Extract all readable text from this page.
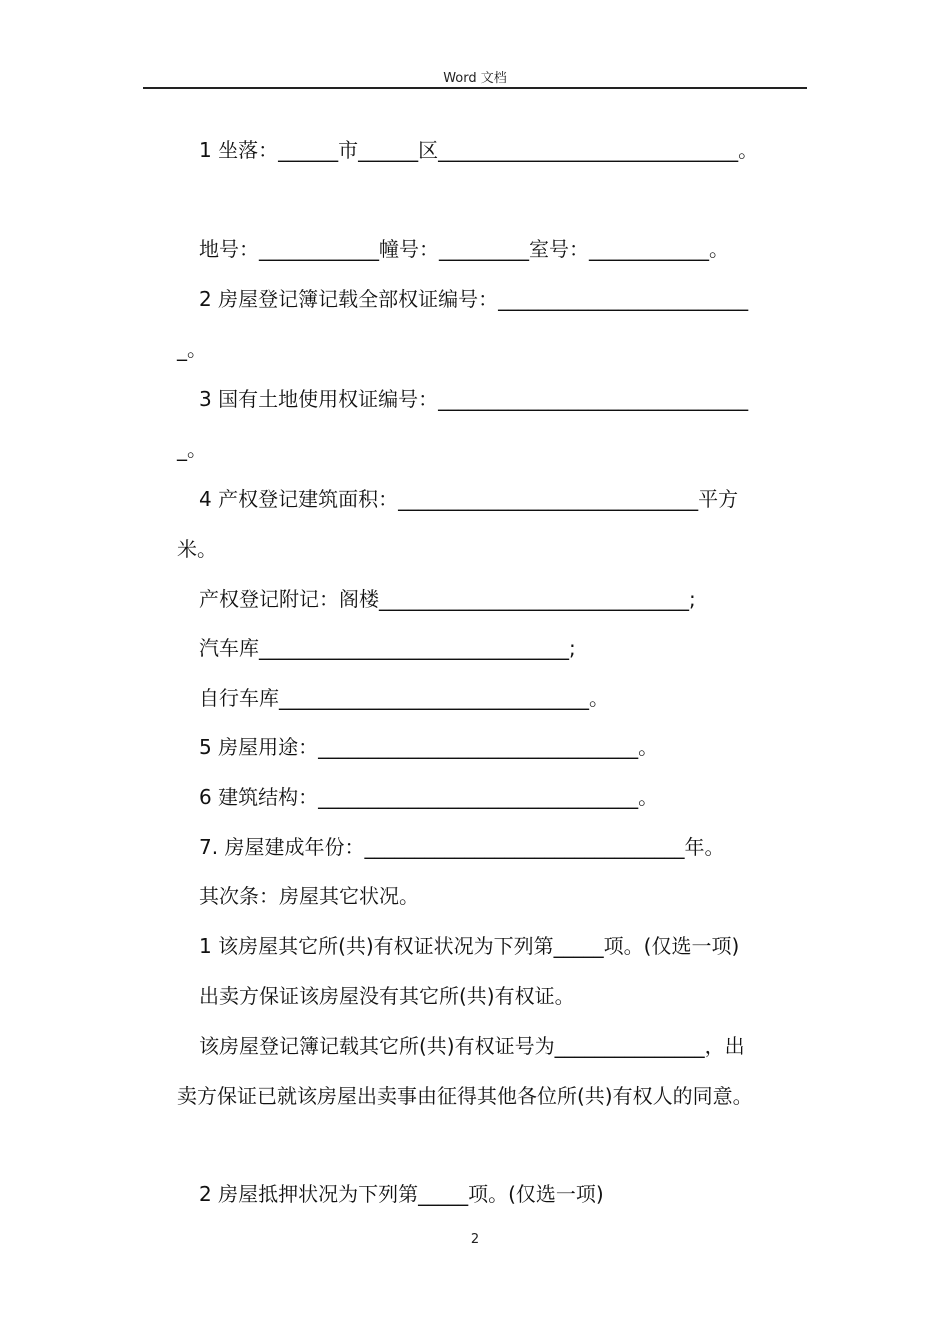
Word 文档
1 坐落：______市______区______________________________。
地号：____________幢号：_________室号：____________。
2 房屋登记簿记载全部权证编号：_________________________
_。
3 国有土地使用权证编号：_______________________________
_。
4 产权登记建筑面积：______________________________平方
米。
产权登记附记：阁楼_______________________________;
汽车库_______________________________;
自行车库_______________________________。
5 房屋用途：________________________________。
6 建筑结构：________________________________。
7. 房屋建成年份：________________________________年。
其次条：房屋其它状况。
1 该房屋其它所(共)有权证状况为下列第_____项。(仅选一项)
出卖方保证该房屋没有其它所(共)有权证。
该房屋登记簿记载其它所(共)有权证号为_______________，出
卖方保证已就该房屋出卖事由征得其他各位所(共)有权人的同意。
2 房屋抵押状况为下列第_____项。(仅选一项)
2
